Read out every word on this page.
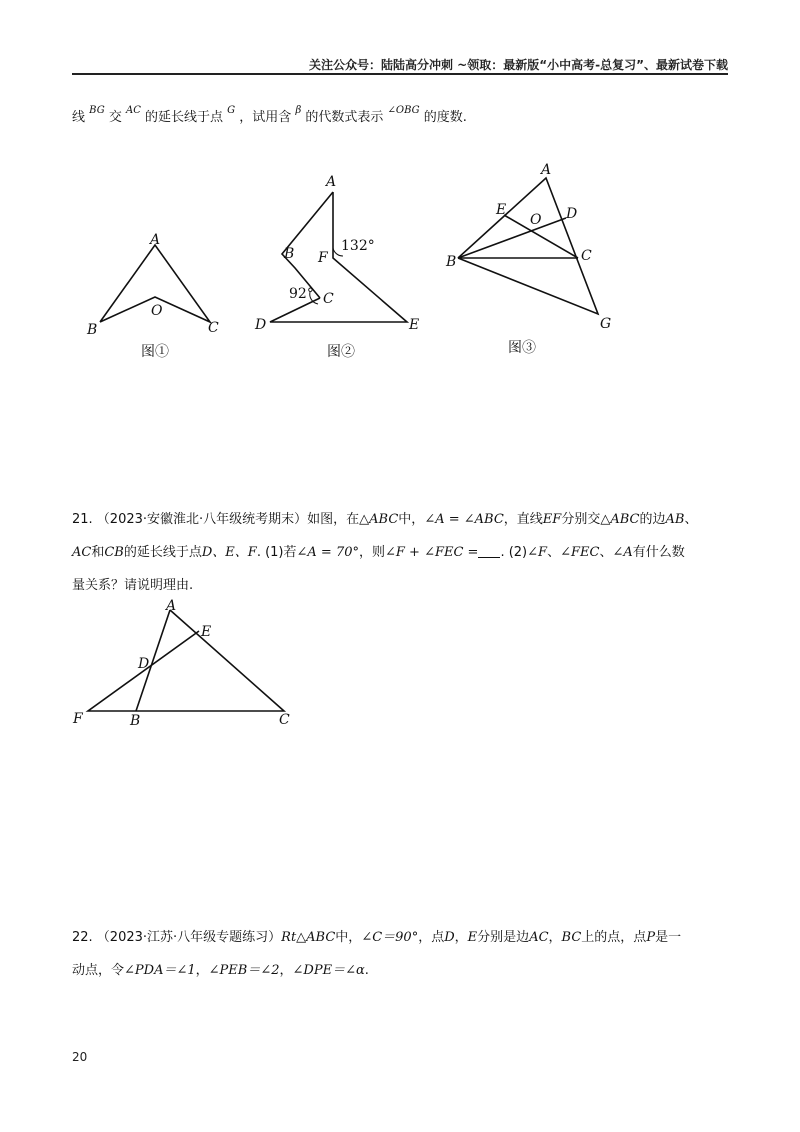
关注公众号：陆陆高分冲刺 ~领取：最新版“小中高考-总复习”、最新试卷下载
线 $^{BG}$ 交 $^{AC}$ 的延长线于点 $^G$ ，试用含 $^\beta$ 的代数式表示 $^{\angle OBG}$ 的度数.
A
O
B	C
图①
A
B F
132°
92° C
D	E
图②
A
E
O D
B	C
G
图③
21. （2023·安徽淮北·八年级统考期末）如图，在△ABC中，∠A = ∠ABC，直线EF分别交△ABC的边AB、
AC和CB的延长线于点D、E、F. (1)若∠A = 70°，则∠F + ∠FEC = . (2)∠F、∠FEC、∠A有什么数
量关系？请说明理由.
A
E
D
F	B	C
22. （2023·江苏·八年级专题练习）Rt△ABC中，∠C＝90°，点D，E分别是边AC，BC上的点，点P是一
动点，令∠PDA＝∠1，∠PEB＝∠2，∠DPE＝∠α.
20
